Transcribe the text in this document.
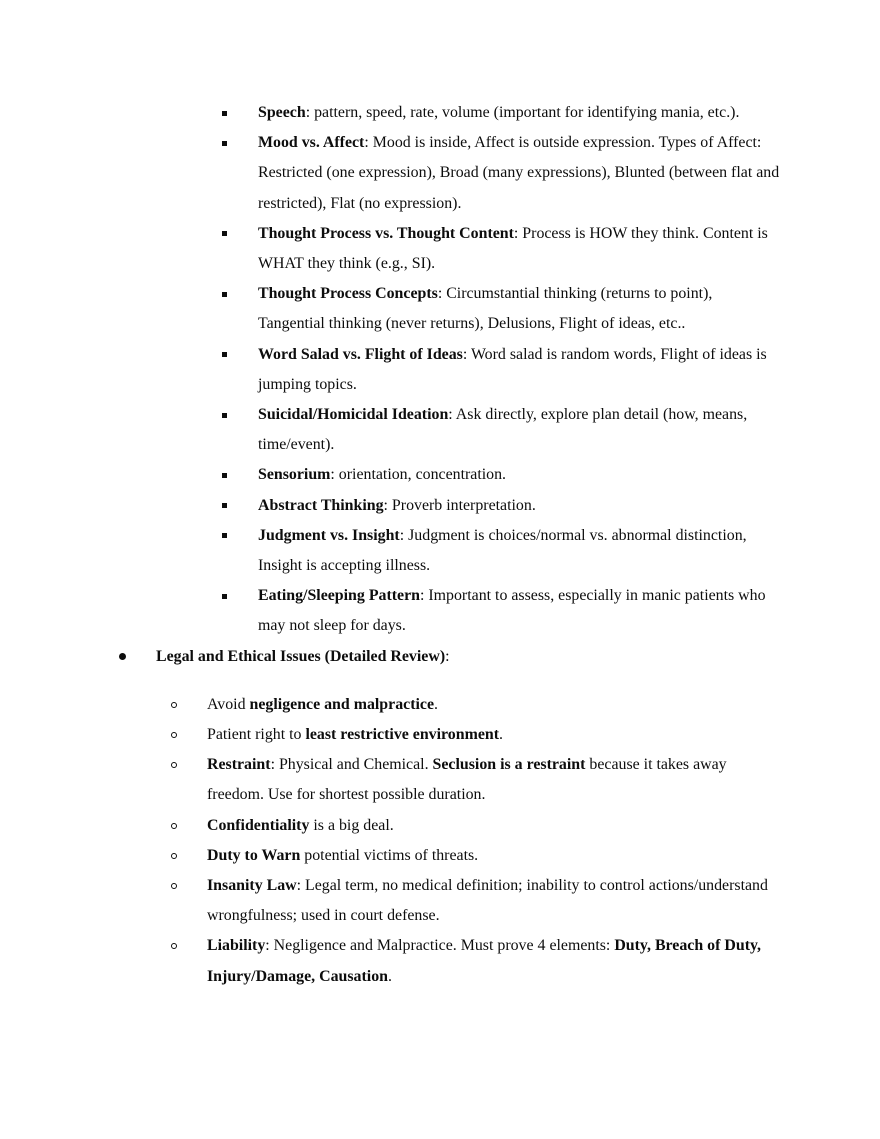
Speech: pattern, speed, rate, volume (important for identifying mania, etc.).
Mood vs. Affect: Mood is inside, Affect is outside expression. Types of Affect: Restricted (one expression), Broad (many expressions), Blunted (between flat and restricted), Flat (no expression).
Thought Process vs. Thought Content: Process is HOW they think. Content is WHAT they think (e.g., SI).
Thought Process Concepts: Circumstantial thinking (returns to point), Tangential thinking (never returns), Delusions, Flight of ideas, etc..
Word Salad vs. Flight of Ideas: Word salad is random words, Flight of ideas is jumping topics.
Suicidal/Homicidal Ideation: Ask directly, explore plan detail (how, means, time/event).
Sensorium: orientation, concentration.
Abstract Thinking: Proverb interpretation.
Judgment vs. Insight: Judgment is choices/normal vs. abnormal distinction, Insight is accepting illness.
Eating/Sleeping Pattern: Important to assess, especially in manic patients who may not sleep for days.
Legal and Ethical Issues (Detailed Review):
Avoid negligence and malpractice.
Patient right to least restrictive environment.
Restraint: Physical and Chemical. Seclusion is a restraint because it takes away freedom. Use for shortest possible duration.
Confidentiality is a big deal.
Duty to Warn potential victims of threats.
Insanity Law: Legal term, no medical definition; inability to control actions/understand wrongfulness; used in court defense.
Liability: Negligence and Malpractice. Must prove 4 elements: Duty, Breach of Duty, Injury/Damage, Causation.
